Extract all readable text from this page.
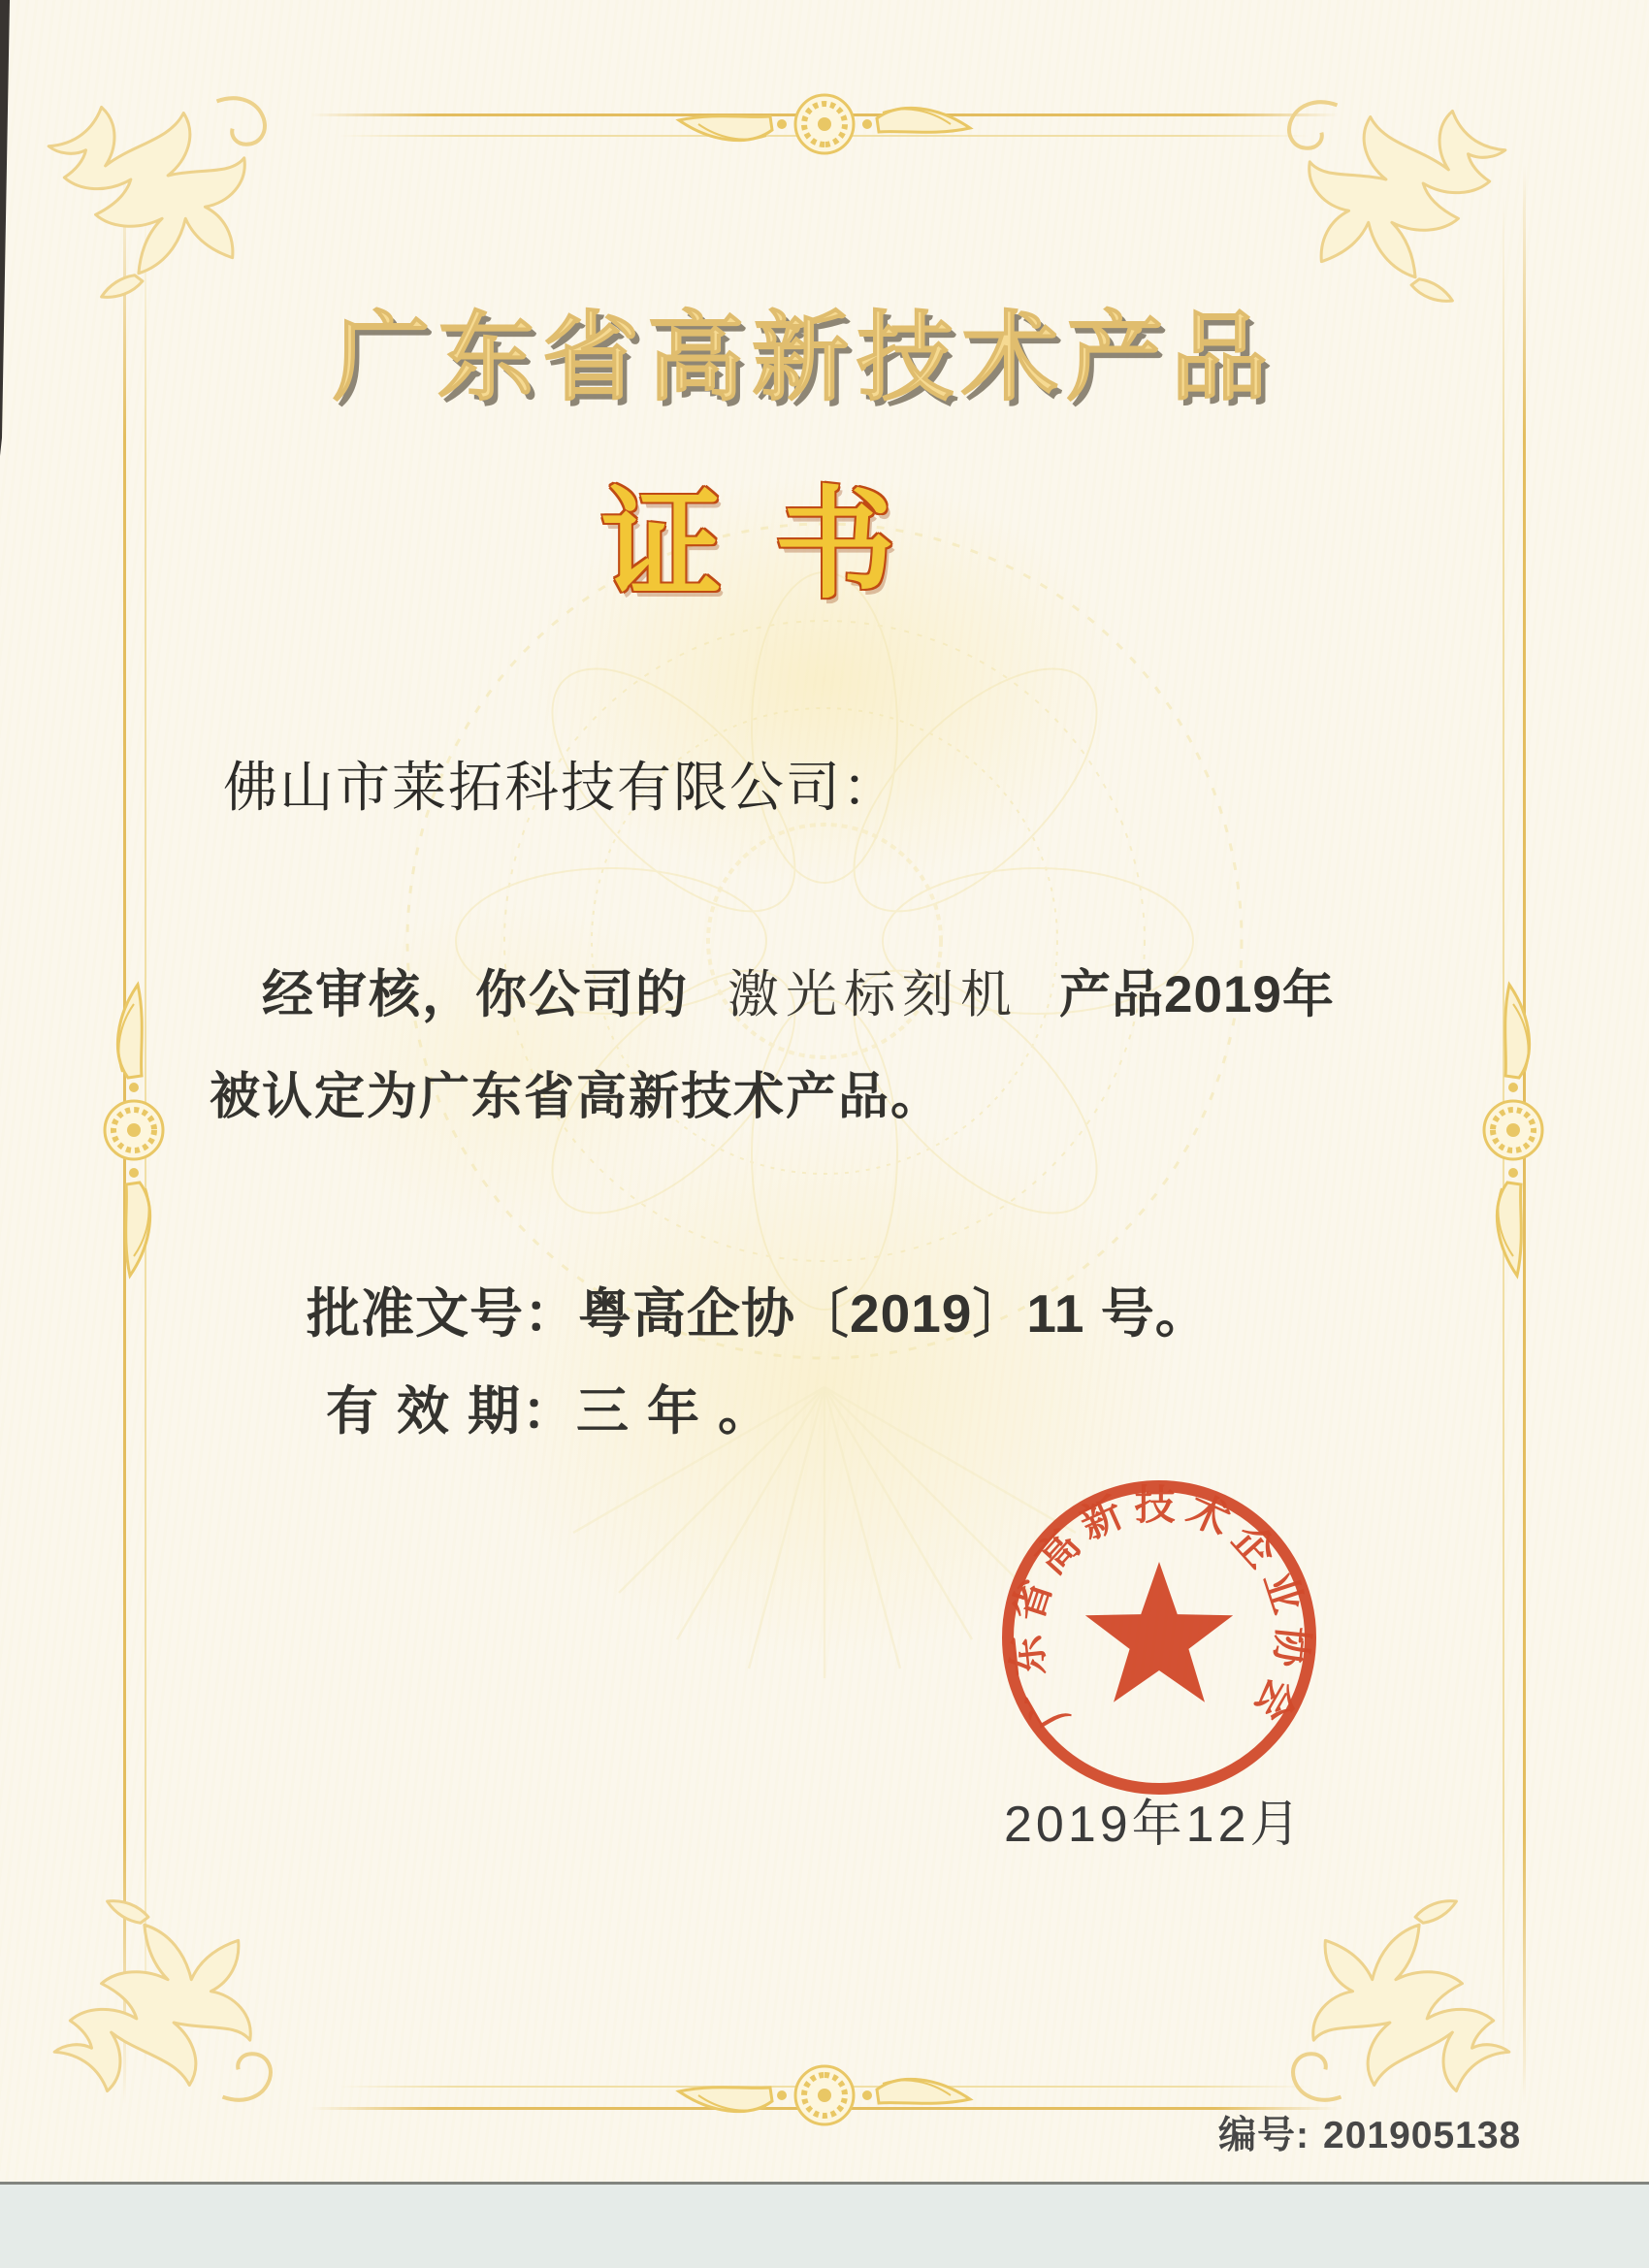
广东省高新技术产品
证 书
佛山市莱拓科技有限公司：
经审核，你公司的 激光标刻机 产品2019年
被认定为广东省高新技术产品。
批准文号：粤高企协〔2019〕11 号。
有 效 期：三 年 。
广东省高新技术企业协会
2019年12月
编号: 201905138
